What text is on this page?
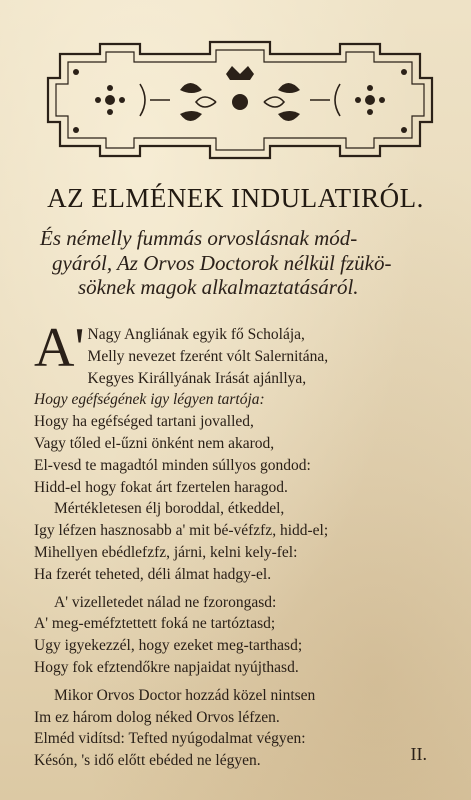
AZ ELMÉNEK INDULATIRÓL.
És némelly fummás orvoslásnak mód-
gyáról, Az Orvos Doctorok nélkül fzükö-
söknek magok alkalmaztatásáról.
A' Nagy Angliának egyik fő Scholája,
Melly nevezet fzerént vólt Salernitána,
Kegyes Királlyának Irását ajánllya,
Hogy egéfségének igy légyen tartója:
Hogy ha egéfséged tartani jovalled,
Vagy tőled el-űzni önként nem akarod,
El-vesd te magadtól minden súllyos gondod:
Hidd-el hogy fokat árt fzertelen haragod.
Mértékletesen élj boroddal, étkeddel,
Igy léfzen hasznosabb a' mit bé-véfzfz, hidd-el;
Mihellyen ebédlefzfz, járni, kelni kely-fel:
Ha fzerét teheted, déli álmat hadgy-el.
A' vizelletedet nálad ne fzorongasd:
A' meg-eméfztettett foká ne tartóztasd;
Ugy igyekezzél, hogy ezeket meg-tarthasd;
Hogy fok efztendőkre napjaidat nyújthasd.
Mikor Orvos Doctor hozzád közel nintsen
Im ez három dolog néked Orvos léfzen.
Elméd vidítsd: Tefted nyúgodalmat végyen:
Késón, 's idő előtt ebéded ne légyen.	II.
